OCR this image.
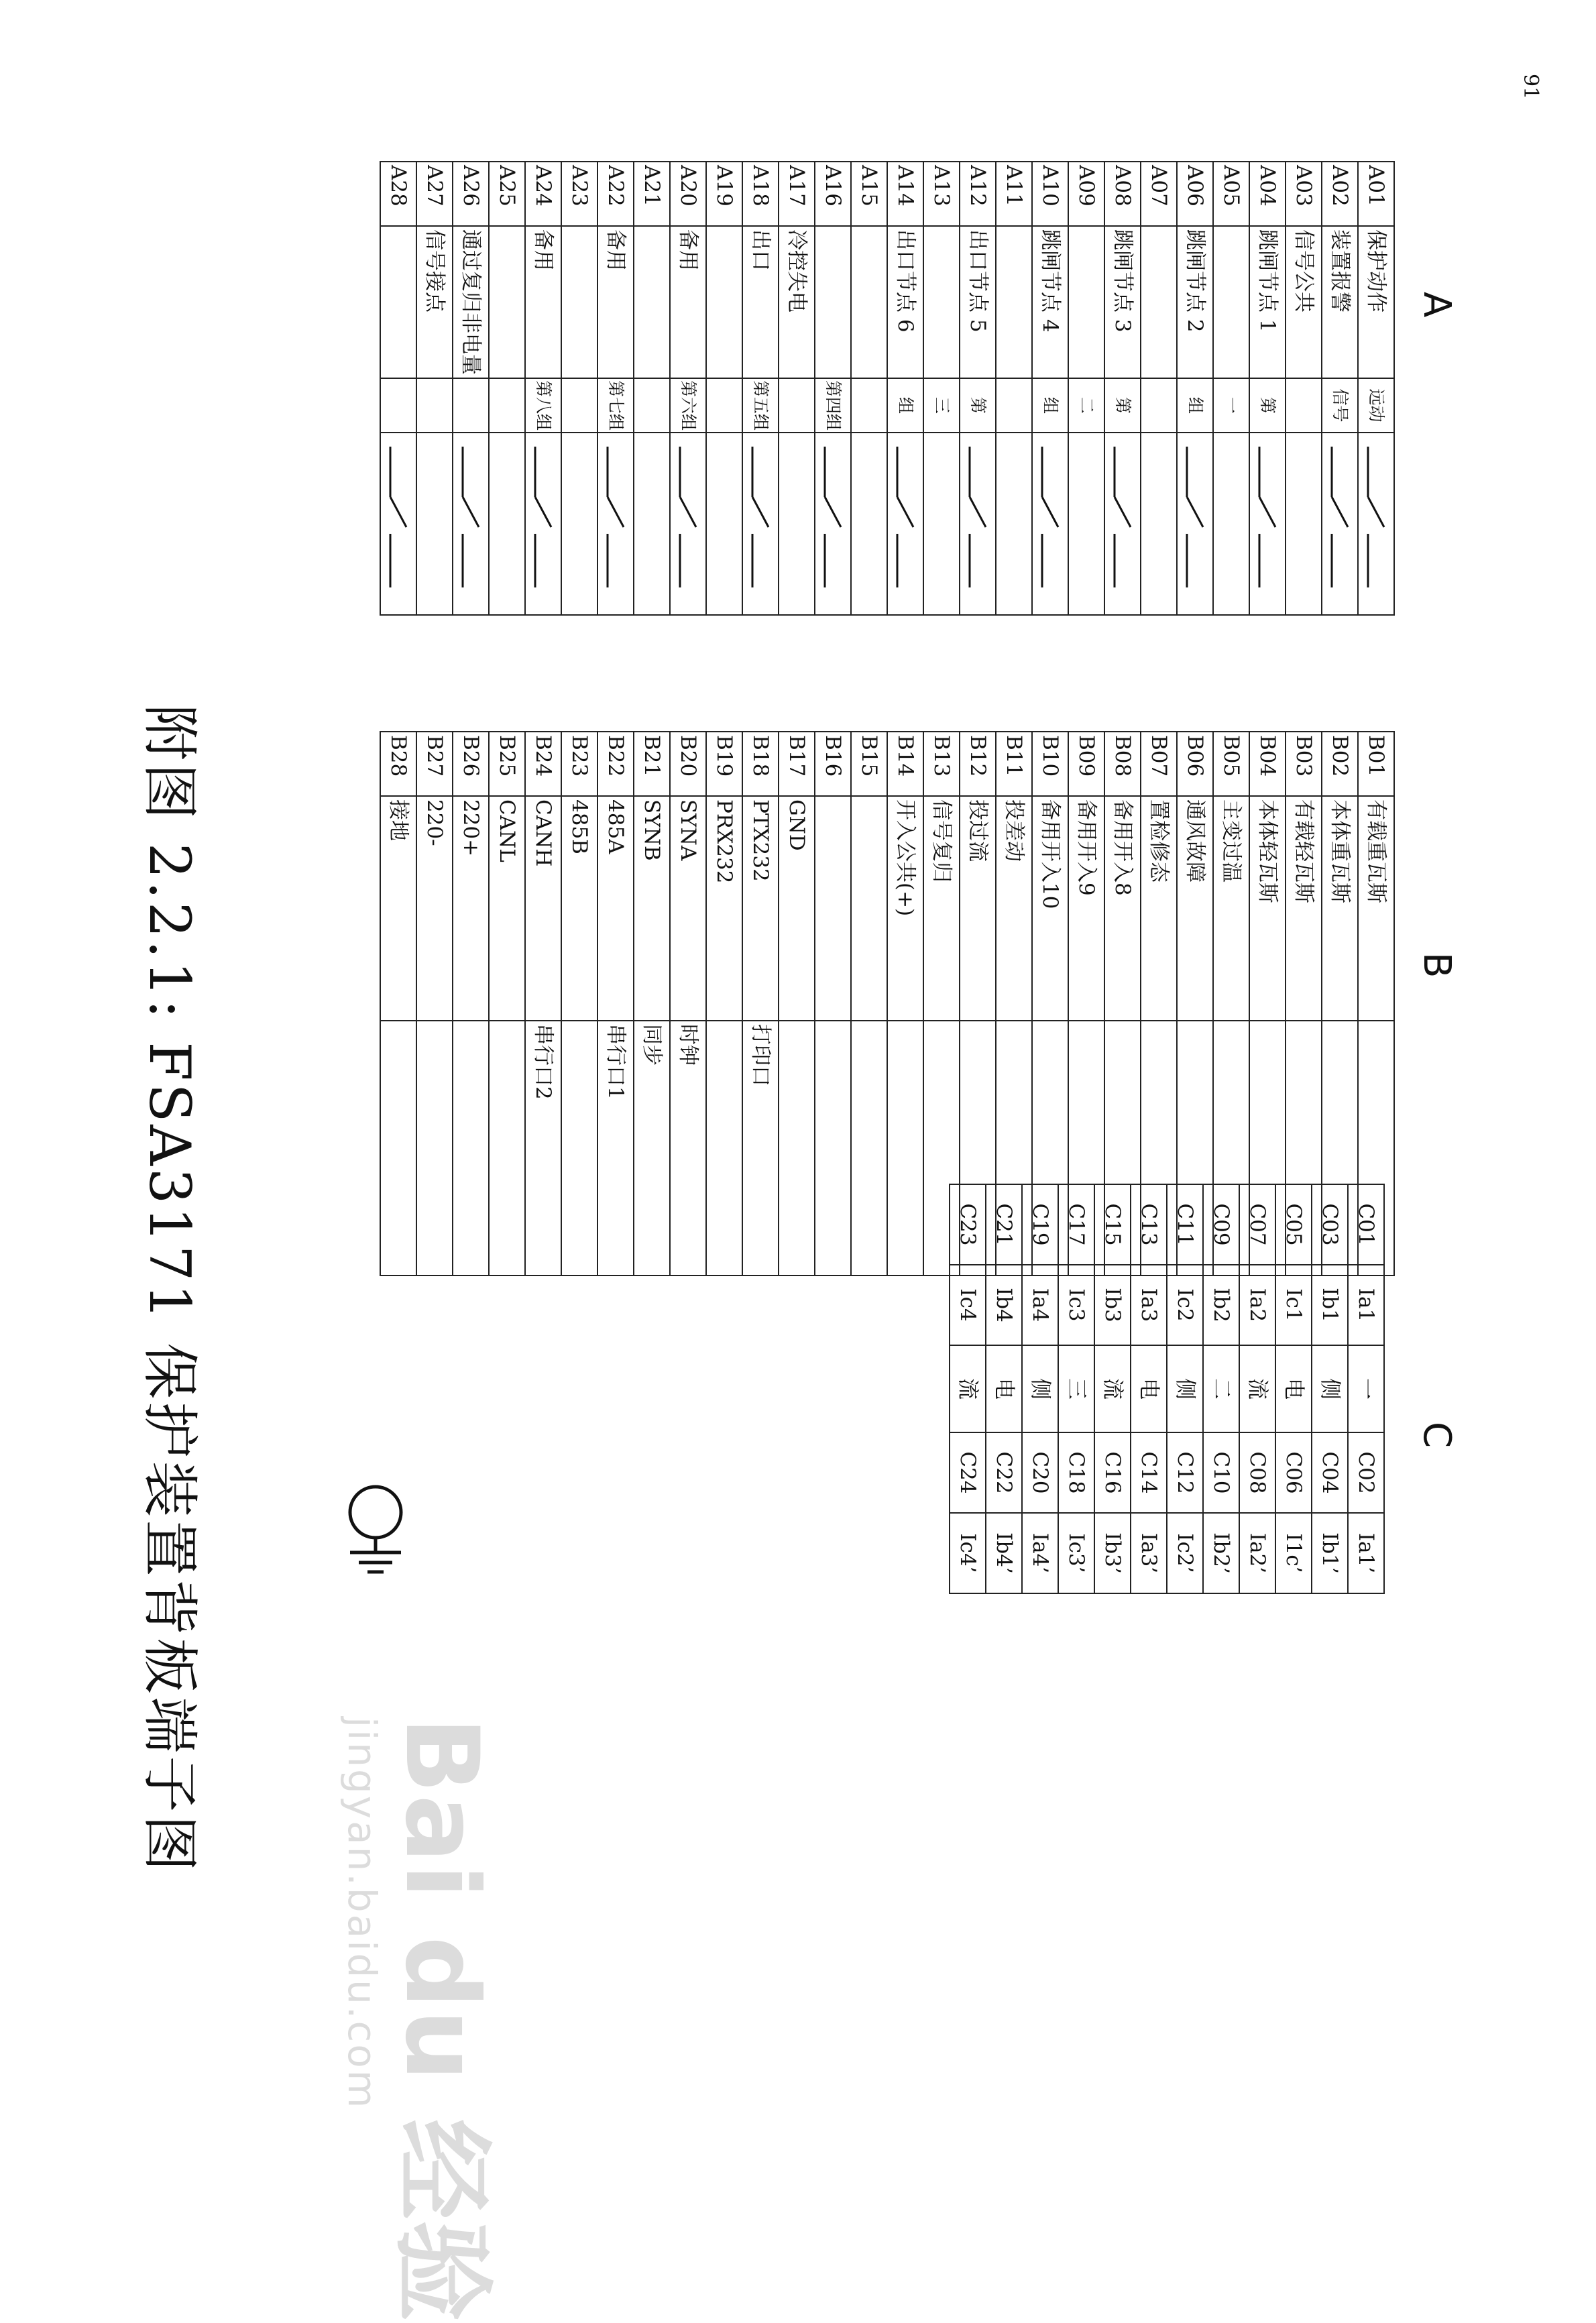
91
A
B
C
A01	保护动作	远动	

A02	装置报警	信号	

A03	信号公共		
A04	跳闸节点 1	第	

A05		一	
A06	跳闸节点 2	组	

A07			
A08	跳闸节点 3	第	

A09		二	
A10	跳闸节点 4	组	

A11			
A12	出口节点 5	第	

A13		三	
A14	出口节点 6	组	

A15			
A16		第四组	

A17	冷控失电		
A18	出口	第五组	

A19			
A20	备用	第六组	

A21			
A22	备用	第七组	

A23			
A24	备用	第八组	

A25			
A26	通过复归非电量		

A27	信号接点		
A28			
B01	有载重瓦斯	
B02	本体重瓦斯	
B03	有载轻瓦斯	
B04	本体轻瓦斯	
B05	主变过温	
B06	通风故障	
B07	置检修态	
B08	备用开入8	
B09	备用开入9	
B10	备用开入10	
B11	投差动	
B12	投过流	
B13	信号复归	
B14	开入公共(+)	
B15		
B16		
B17	GND	
B18	PTX232	打印口
B19	PRX232	
B20	SYNA	时钟
B21	SYNB	同步
B22	485A	串行口1
B23	485B	
B24	CANH	串行口2
B25	CANL	
B26	220+	
B27	220-	
B28	接地	
C01	Ia1	一	C02	Ia1’
C03	Ib1	侧	C04	Ib1’
C05	Ic1	电	C06	I1c’
C07	Ia2	流	C08	Ia2’
C09	Ib2	二	C10	Ib2’
C11	Ic2	侧	C12	Ic2’
C13	Ia3	电	C14	Ia3’
C15	Ib3	流	C16	Ib3’
C17	Ic3	三	C18	Ic3’
C19	Ia4	侧	C20	Ia4’
C21	Ib4	电	C22	Ib4’
C23	Ic4	流	C24	Ic4’
附图 2.2.1: FSA3171 保护装置背板端子图
Bai du 经验
jingyan.baidu.com
